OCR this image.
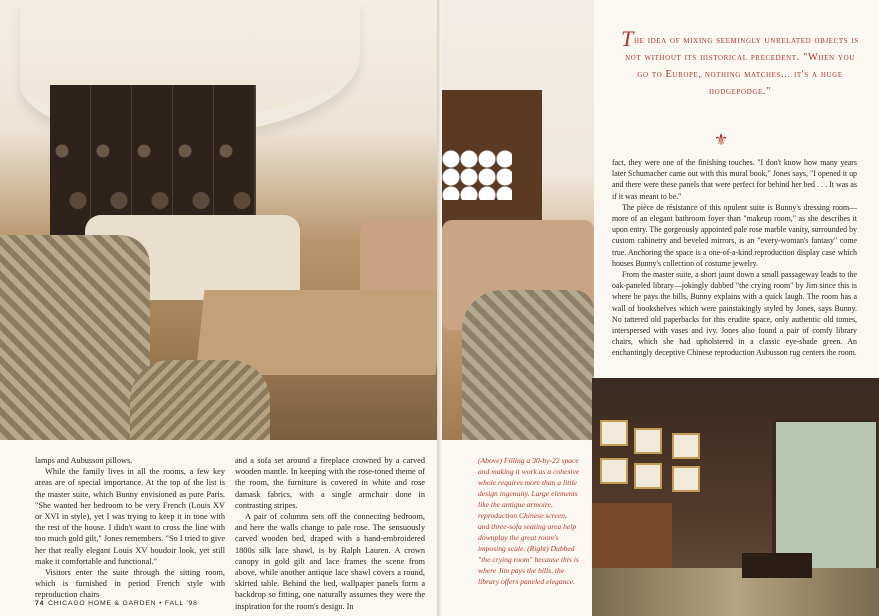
The idea of mixing seemingly unrelated objects is not without its historical precedent. "When you go to Europe, nothing matches... it's a huge hodgepodge."
⚜

lamps and Aubusson pillows.

While the family lives in all the rooms, a few key areas are of special importance. At the top of the list is the master suite, which Bunny envisioned as pure Paris. "She wanted her bedroom to be very French (Louis XV or XVI in style), yet I was trying to keep it in tone with the rest of the house. I didn't want to cross the line with too much gold gilt," Jones remembers. "So I tried to give her that really elegant Louis XV boudoir look, yet still make it comfortable and functional."

Visitors enter the suite through the sitting room, which is furnished in period French style with reproduction chairs

and a sofa set around a fireplace crowned by a carved wooden mantle. In keeping with the rose-toned theme of the room, the furniture is covered in white and rose damask fabrics, with a single armchair done in contrasting stripes.

A pair of columns sets off the connecting bedroom, and here the walls change to pale rose. The sensuously carved wooden bed, draped with a hand-embroidered 1800s silk lace shawl, is by Ralph Lauren. A crown canopy in gold gilt and lace frames the scene from above, while another antique lace shawl covers a round, skirted table. Behind the bed, wallpaper panels form a backdrop so fitting, one naturally assumes they were the inspiration for the room's design. In

(Above) Filling a 30-by-22 space and making it work as a cohesive whole requires more than a little design ingenuity. Large elements like the antique armoire, reproduction Chinese screen, and three-sofa seating area help downplay the great room's imposing scale. (Right) Dubbed "the crying room" because this is where Jim pays the bills, the library offers paneled elegance.

fact, they were one of the finishing touches. "I don't know how many years later Schumacher came out with this mural book," Jones says, "I opened it up and there were these panels that were perfect for behind her bed . . . It was as if it was meant to be."

The pièce de résistance of this opulent suite is Bunny's dressing room—more of an elegant bathroom foyer than "makeup room," as she describes it upon entry. The gorgeously appointed pale rose marble vanity, surrounded by custom cabinetry and beveled mirrors, is an "every-woman's fantasy" come true. Anchoring the space is a one-of-a-kind reproduction display case which houses Bunny's collection of costume jewelry.

From the master suite, a short jaunt down a small passageway leads to the oak-paneled library—jokingly dubbed "the crying room" by Jim since this is where he pays the bills, Bunny explains with a quick laugh. The room has a wall of bookshelves which were painstakingly styled by Jones, says Bunny. No tattered old paperbacks for this erudite space, only authentic old tomes, interspersed with vases and ivy. Jones also found a pair of comfy library chairs, which she had upholstered in a classic eye-shade green. An enchantingly deceptive Chinese reproduction Aubusson rug centers the room.

74 CHICAGO HOME & GARDEN • FALL '98
